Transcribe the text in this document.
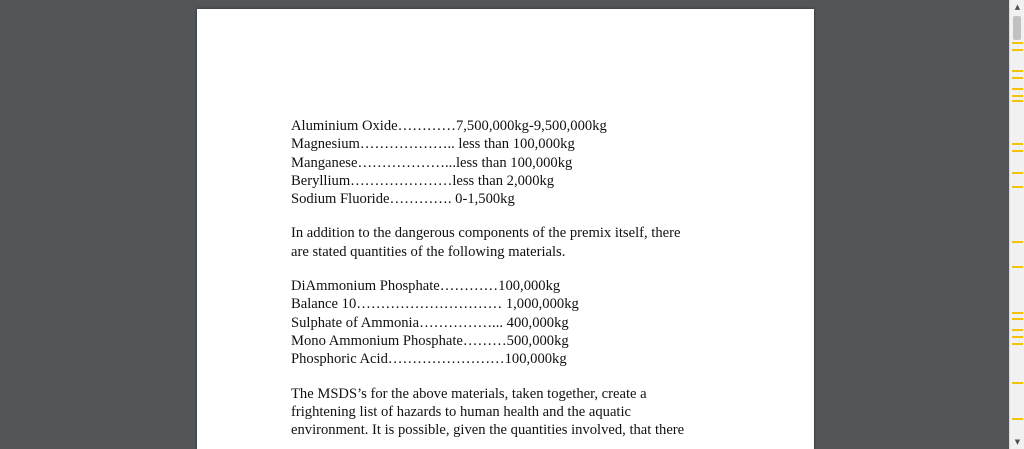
Aluminium Oxide…………7,500,000kg-9,500,000kg
Magnesium……………….. less than 100,000kg
Manganese………………...less than 100,000kg
Beryllium…………………less than 2,000kg
Sodium Fluoride…………. 0-1,500kg
In addition to the dangerous components of the premix itself, there
are stated quantities of the following materials.
DiAmmonium Phosphate…………100,000kg
Balance 10………………………… 1,000,000kg
Sulphate of Ammonia……………... 400,000kg
Mono Ammonium Phosphate………500,000kg
Phosphoric Acid……………………100,000kg
The MSDS’s for the above materials, taken together, create a
frightening list of hazards to human health and the aquatic
environment. It is possible, given the quantities involved, that there
▲
▼
